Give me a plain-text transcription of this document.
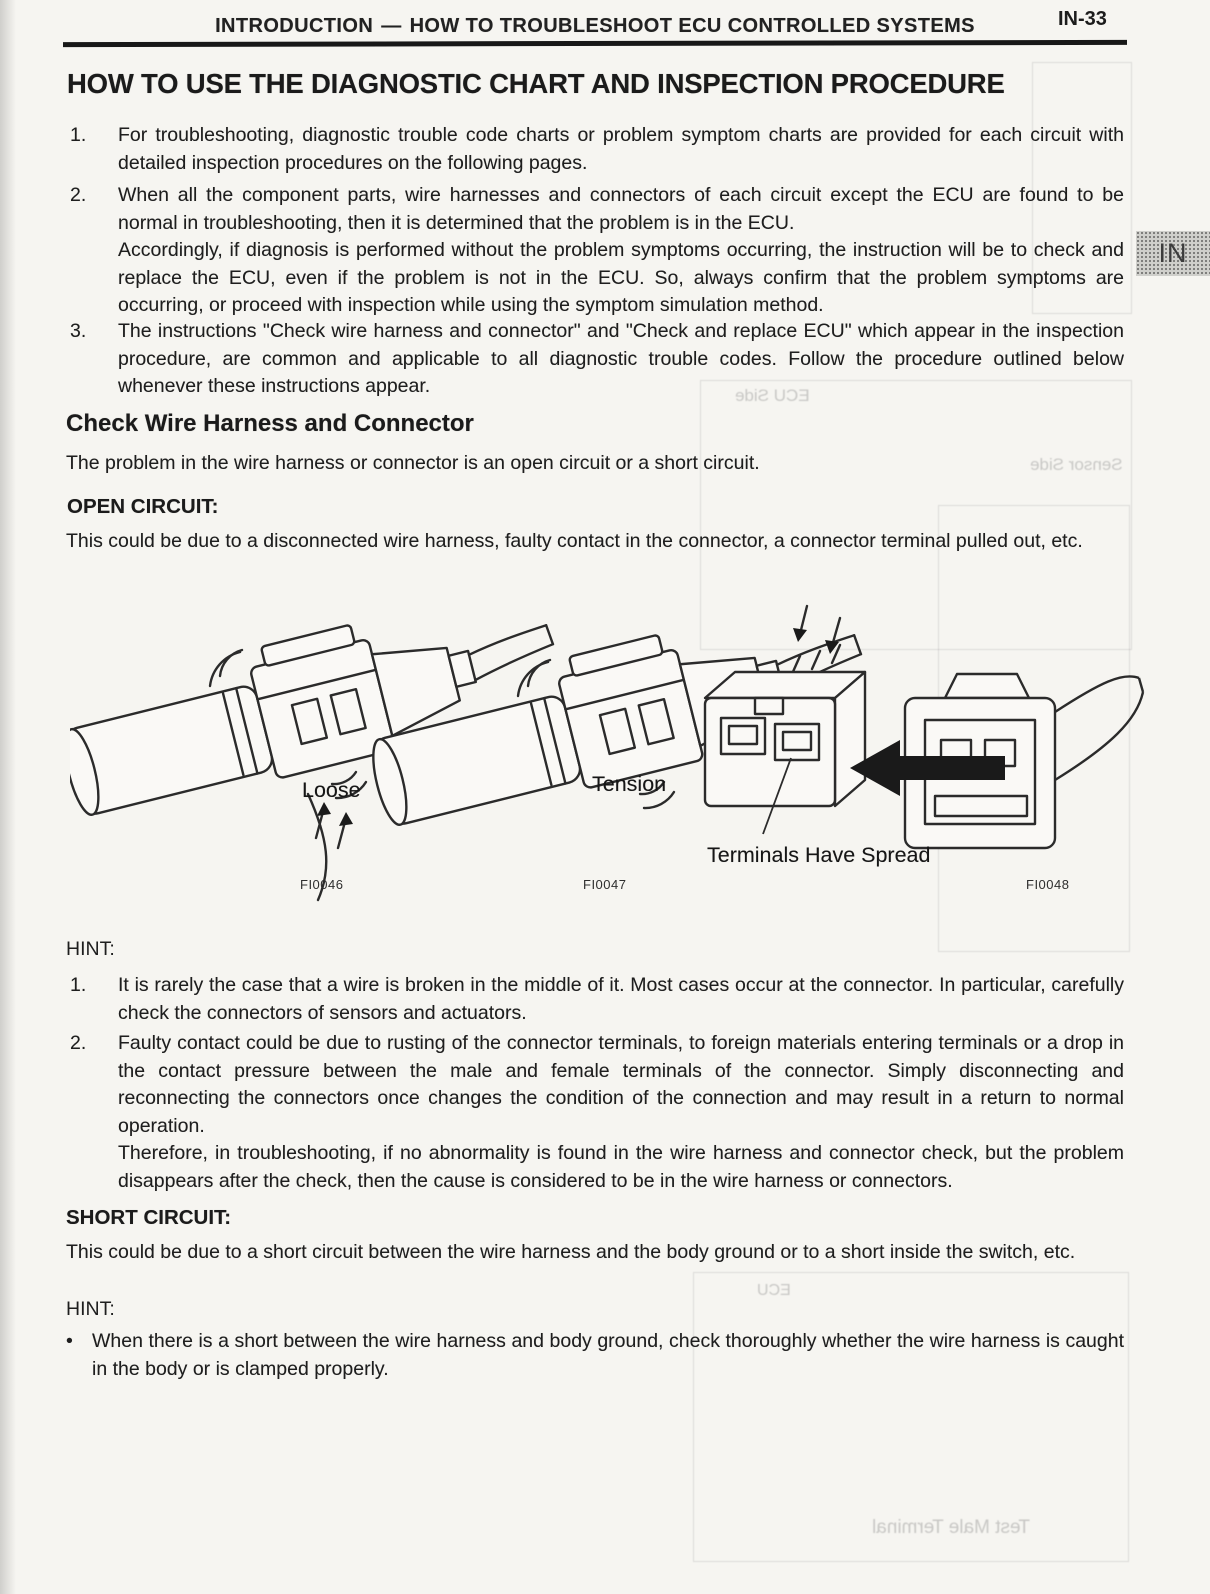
ECU Side
Sensor Side
ECU
Test Male Terminal
INTRODUCTION — HOW TO TROUBLESHOOT ECU CONTROLLED SYSTEMS	IN-33
IN
HOW TO USE THE DIAGNOSTIC CHART AND INSPECTION PROCEDURE
1.	For troubleshooting, diagnostic trouble code charts or problem symptom charts are provided for each circuit with detailed inspection procedures on the following pages.
2.	When all the component parts, wire harnesses and connectors of each circuit except the ECU are found to be normal in troubleshooting, then it is determined that the problem is in the ECU.
Accordingly, if diagnosis is performed without the problem symptoms occurring, the instruction will be to check and replace the ECU, even if the problem is not in the ECU. So, always confirm that the problem symptoms are occurring, or proceed with inspection while using the symptom simulation method.
3.	The instructions "Check wire harness and connector" and "Check and replace ECU" which appear in the inspection procedure, are common and applicable to all diagnostic trouble codes. Follow the procedure outlined below whenever these instructions appear.
Check Wire Harness and Connector
The problem in the wire harness or connector is an open circuit or a short circuit.
OPEN CIRCUIT:
This could be due to a disconnected wire harness, faulty contact in the connector, a connector terminal pulled out, etc.
Loose	Tension
Terminals Have Spread
FI0046	FI0047	FI0048
HINT:
1.	It is rarely the case that a wire is broken in the middle of it. Most cases occur at the connector. In particular, carefully check the connectors of sensors and actuators.
2.	Faulty contact could be due to rusting of the connector terminals, to foreign materials entering terminals or a drop in the contact pressure between the male and female terminals of the connector. Simply disconnecting and reconnecting the connectors once changes the condition of the connection and may result in a return to normal operation.
Therefore, in troubleshooting, if no abnormality is found in the wire harness and connector check, but the problem disappears after the check, then the cause is considered to be in the wire harness or connectors.
SHORT CIRCUIT:
This could be due to a short circuit between the wire harness and the body ground or to a short inside the switch, etc.
HINT:
• When there is a short between the wire harness and body ground, check thoroughly whether the wire harness is caught in the body or is clamped properly.
